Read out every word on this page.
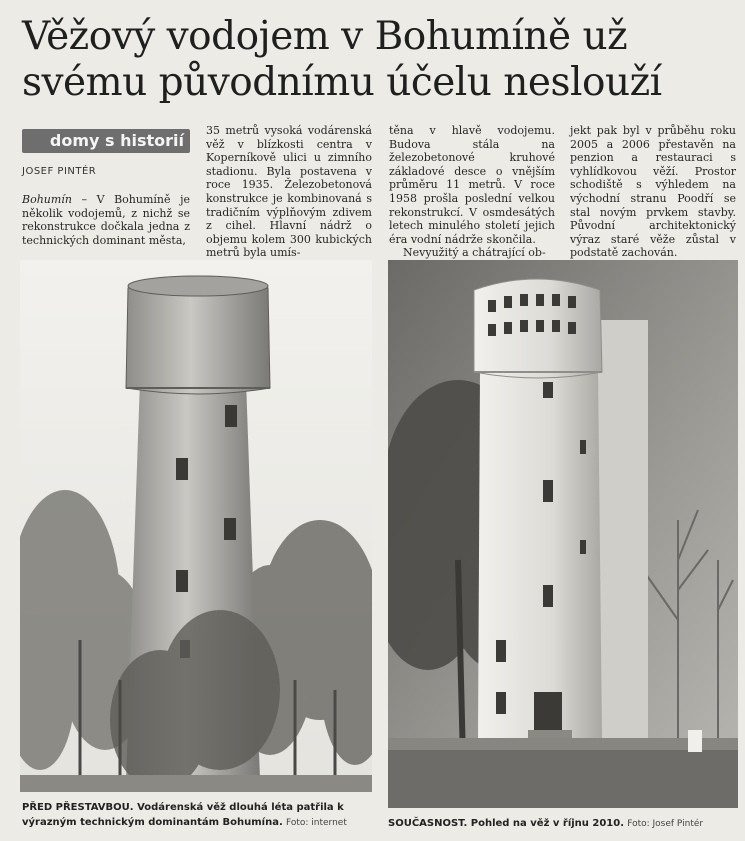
Věžový vodojem v Bohumíně už svému původnímu účelu neslouží
domy s historií
JOSEF PINTÉR

Bohumín – V Bohumíně je několik vodojemů, z nichž se rekonstrukce dočkala jedna z technických dominant města,

35 metrů vysoká vodárenská věž v blízkosti centra v Koperníkově ulici u zimního stadionu. Byla postavena v roce 1935. Železobetonová konstrukce je kombinovaná s tradičním výplňovým zdivem z cihel. Hlavní nádrž o objemu kolem 300 kubických metrů byla umís-

těna v hlavě vodojemu. Budova stála na železobetonové kruhové základové desce o vnějším průměru 11 metrů. V roce 1958 prošla poslední velkou rekonstrukcí. V osmdesátých letech minulého století jejich éra vodní nádrže skončila.

Nevyužitý a chátrající ob-

jekt pak byl v průběhu roku 2005 a 2006 přestavěn na penzion a restauraci s vyhlídkovou věží. Prostor schodiště s výhledem na východní stranu Poodří se stal novým prvkem stavby. Původní architektonický výraz staré věže zůstal v podstatě zachován.

PŘED PŘESTAVBOU. Vodárenská věž dlouhá léta patřila k výrazným technickým dominantám Bohumína. Foto: internet	SOUČASNOST. Pohled na věž v říjnu 2010. Foto: Josef Pintér
